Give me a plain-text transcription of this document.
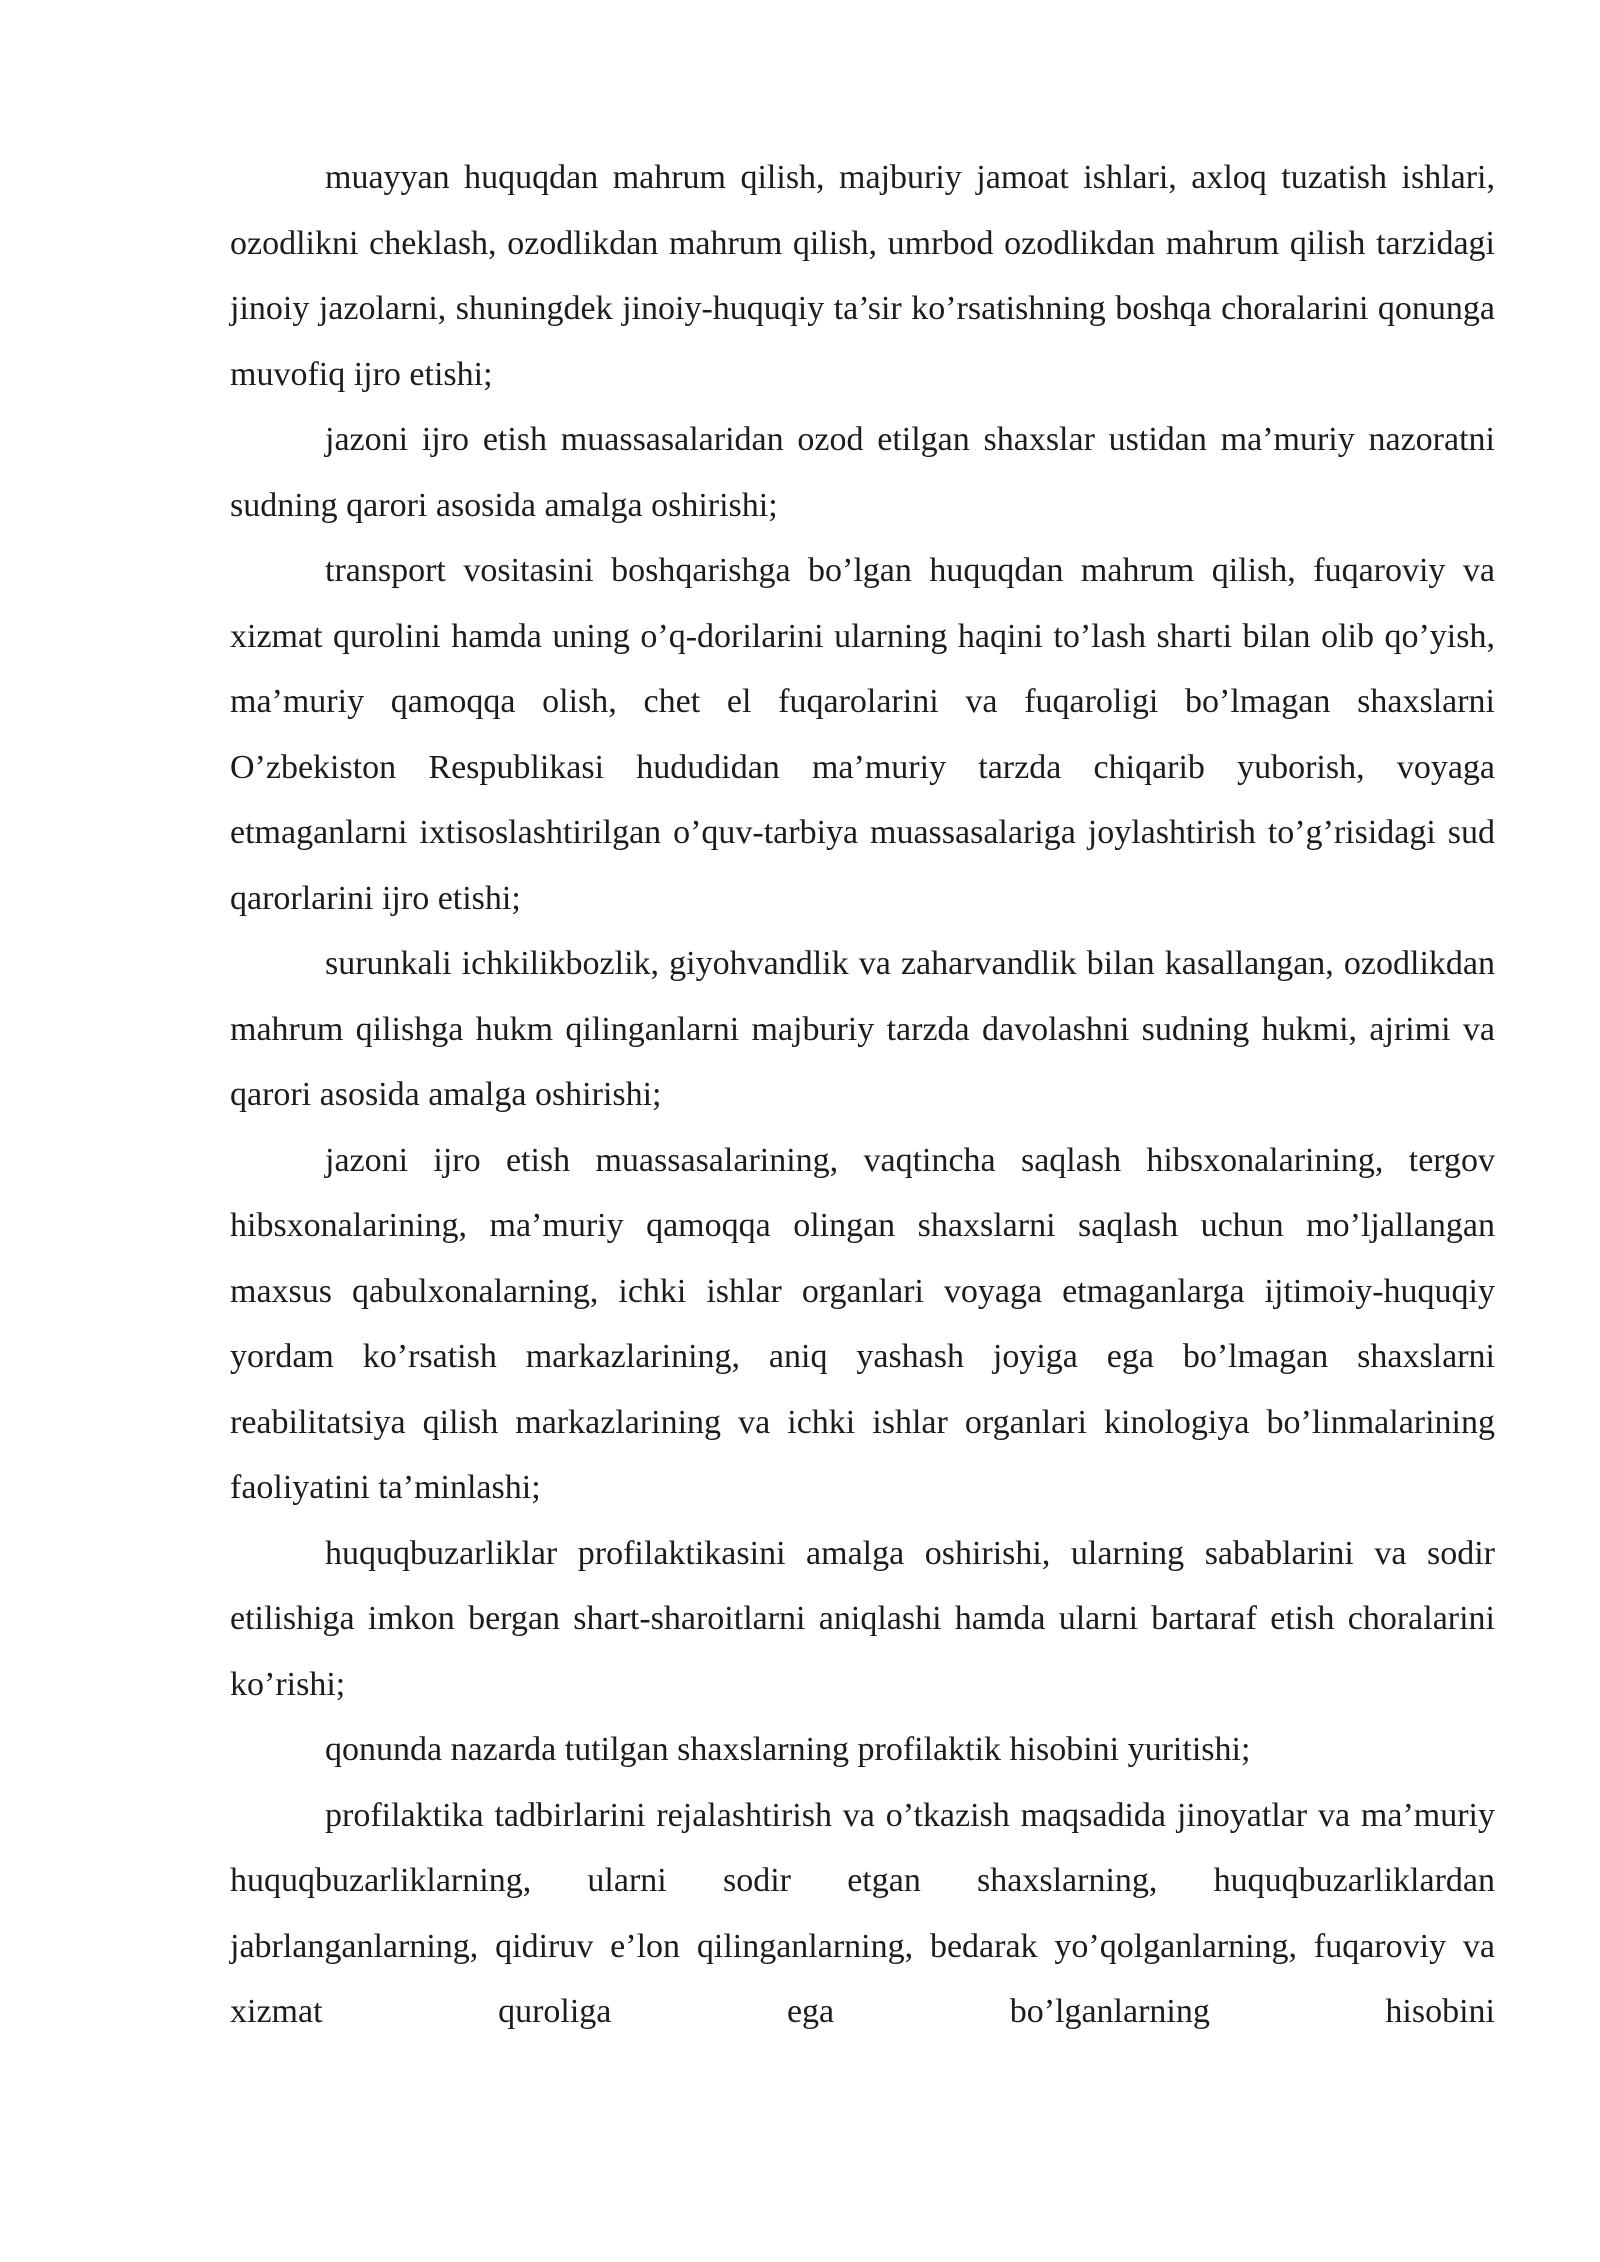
muayyan huquqdan mahrum qilish, majburiy jamoat ishlari, axloq tuzatish ishlari, ozodlikni cheklash, ozodlikdan mahrum qilish, umrbod ozodlikdan mahrum qilish tarzidagi jinoiy jazolarni, shuningdek jinoiy-huquqiy ta’sir ko’rsatishning boshqa choralarini qonunga muvofiq ijro etishi;

jazoni ijro etish muassasalaridan ozod etilgan shaxslar ustidan ma’muriy nazoratni sudning qarori asosida amalga oshirishi;

transport vositasini boshqarishga bo’lgan huquqdan mahrum qilish, fuqaroviy va xizmat qurolini hamda uning o’q-dorilarini ularning haqini to’lash sharti bilan olib qo’yish, ma’muriy qamoqqa olish, chet el fuqarolarini va fuqaroligi bo’lmagan shaxslarni O’zbekiston Respublikasi hududidan ma’muriy tarzda chiqarib yuborish, voyaga etmaganlarni ixtisoslashtirilgan o’quv-tarbiya muassasalariga joylashtirish to’g’risidagi sud qarorlarini ijro etishi;

surunkali ichkilikbozlik, giyohvandlik va zaharvandlik bilan kasallangan, ozodlikdan mahrum qilishga hukm qilinganlarni majburiy tarzda davolashni sudning hukmi, ajrimi va qarori asosida amalga oshirishi;

jazoni ijro etish muassasalarining, vaqtincha saqlash hibsxonalarining, tergov hibsxonalarining, ma’muriy qamoqqa olingan shaxslarni saqlash uchun mo’ljallangan maxsus qabulxonalarning, ichki ishlar organlari voyaga etmaganlarga ijtimoiy-huquqiy yordam ko’rsatish markazlarining, aniq yashash joyiga ega bo’lmagan shaxslarni reabilitatsiya qilish markazlarining va ichki ishlar organlari kinologiya bo’linmalarining faoliyatini ta’minlashi;

huquqbuzarliklar profilaktikasini amalga oshirishi, ularning sabablarini va sodir etilishiga imkon bergan shart-sharoitlarni aniqlashi hamda ularni bartaraf etish choralarini ko’rishi;

qonunda nazarda tutilgan shaxslarning profilaktik hisobini yuritishi;

profilaktika tadbirlarini rejalashtirish va o’tkazish maqsadida jinoyatlar va ma’muriy huquqbuzarliklarning, ularni sodir etgan shaxslarning, huquqbuzarliklardan jabrlanganlarning, qidiruv e’lon qilinganlarning, bedarak yo’qolganlarning, fuqaroviy va xizmat quroliga ega bo’lganlarning hisobini
